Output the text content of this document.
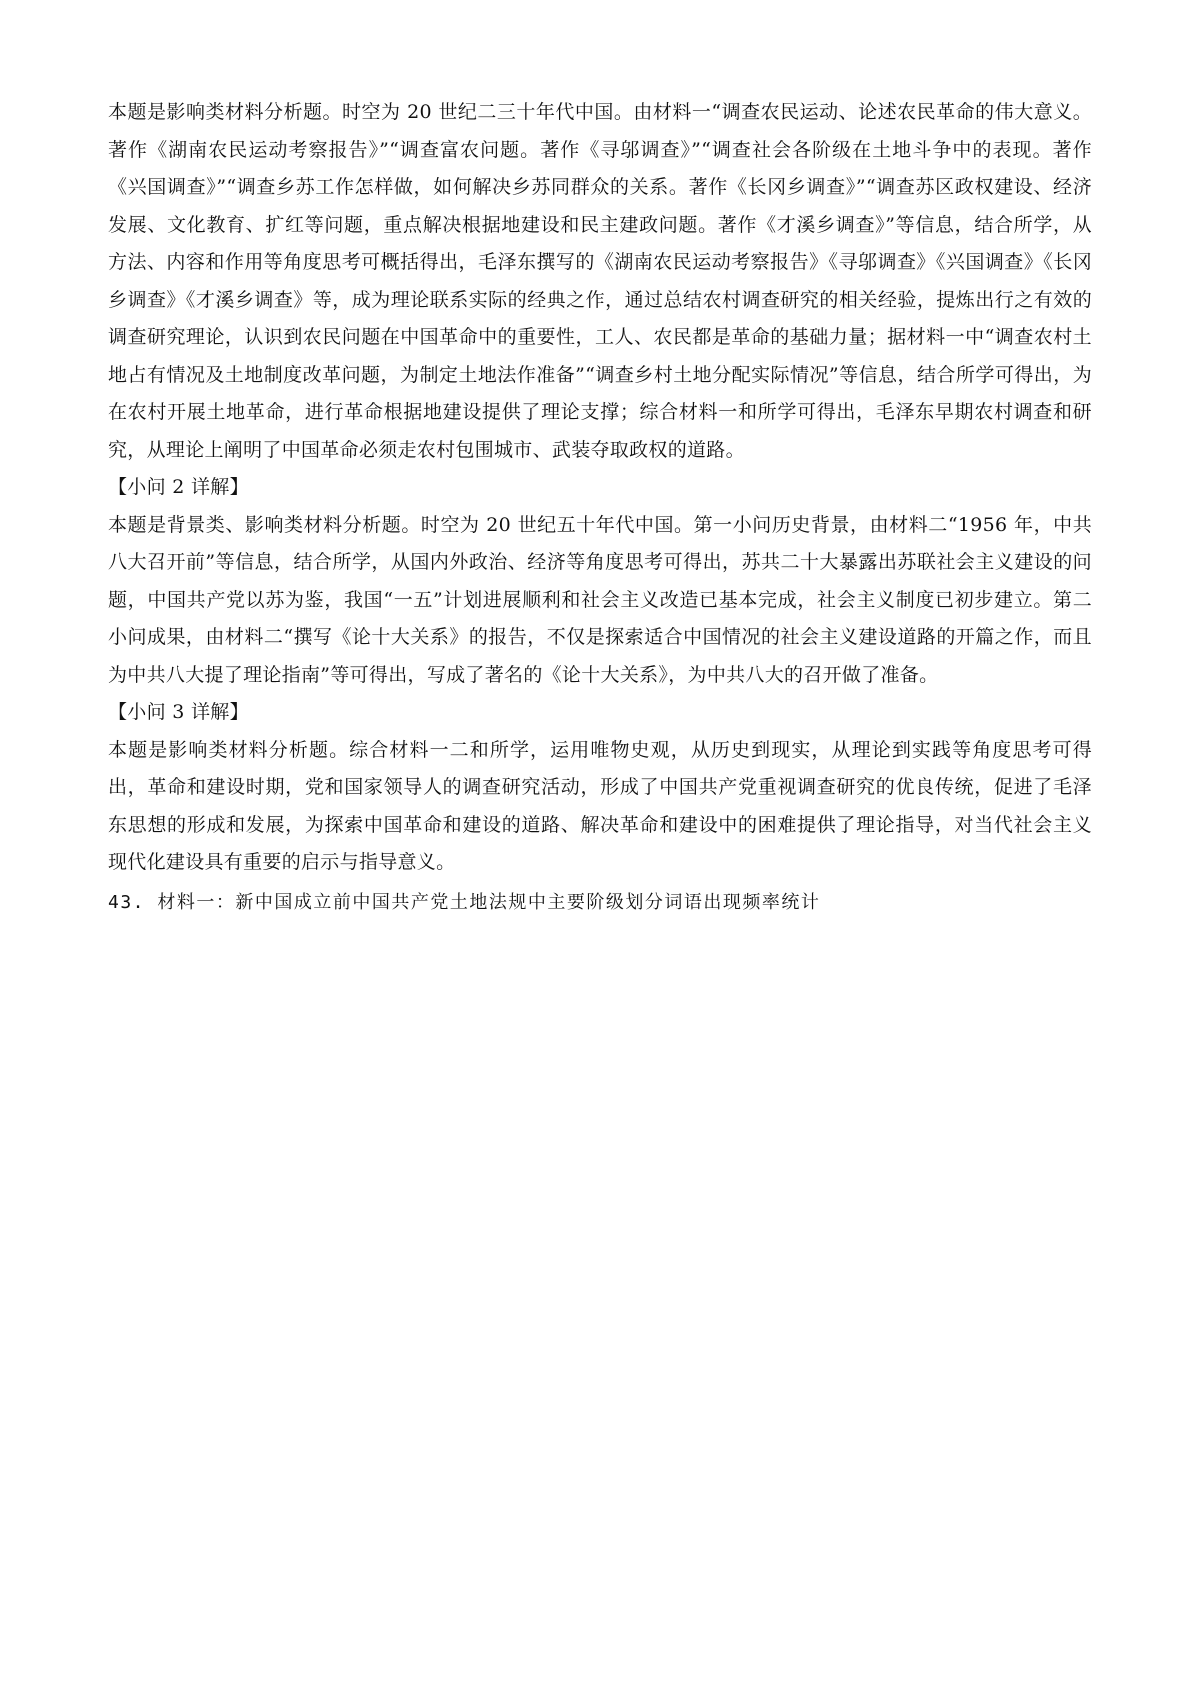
本题是影响类材料分析题。时空为 20 世纪二三十年代中国。由材料一“调查农民运动、论述农民革命的伟大意义。著作《湖南农民运动考察报告》”“调查富农问题。著作《寻邬调查》”“调查社会各阶级在土地斗争中的表现。著作《兴国调查》”“调查乡苏工作怎样做，如何解决乡苏同群众的关系。著作《长冈乡调查》”“调查苏区政权建设、经济发展、文化教育、扩红等问题，重点解决根据地建设和民主建政问题。著作《才溪乡调查》”等信息，结合所学，从方法、内容和作用等角度思考可概括得出，毛泽东撰写的《湖南农民运动考察报告》《寻邬调查》《兴国调查》《长冈乡调查》《才溪乡调查》等，成为理论联系实际的经典之作，通过总结农村调查研究的相关经验，提炼出行之有效的调查研究理论，认识到农民问题在中国革命中的重要性，工人、农民都是革命的基础力量；据材料一中“调查农村土地占有情况及土地制度改革问题，为制定土地法作准备”“调查乡村土地分配实际情况”等信息，结合所学可得出，为在农村开展土地革命，进行革命根据地建设提供了理论支撑；综合材料一和所学可得出，毛泽东早期农村调查和研究，从理论上阐明了中国革命必须走农村包围城市、武装夺取政权的道路。

【小问 2 详解】

本题是背景类、影响类材料分析题。时空为 20 世纪五十年代中国。第一小问历史背景，由材料二“1956 年，中共八大召开前”等信息，结合所学，从国内外政治、经济等角度思考可得出，苏共二十大暴露出苏联社会主义建设的问题，中国共产党以苏为鉴，我国“一五”计划进展顺利和社会主义改造已基本完成，社会主义制度已初步建立。第二小问成果，由材料二“撰写《论十大关系》的报告，不仅是探索适合中国情况的社会主义建设道路的开篇之作，而且为中共八大提了理论指南”等可得出，写成了著名的《论十大关系》，为中共八大的召开做了准备。

【小问 3 详解】

本题是影响类材料分析题。综合材料一二和所学，运用唯物史观，从历史到现实，从理论到实践等角度思考可得出，革命和建设时期，党和国家领导人的调查研究活动，形成了中国共产党重视调查研究的优良传统，促进了毛泽东思想的形成和发展，为探索中国革命和建设的道路、解决革命和建设中的困难提供了理论指导，对当代社会主义现代化建设具有重要的启示与指导意义。

43. 材料一：新中国成立前中国共产党土地法规中主要阶级划分词语出现频率统计
